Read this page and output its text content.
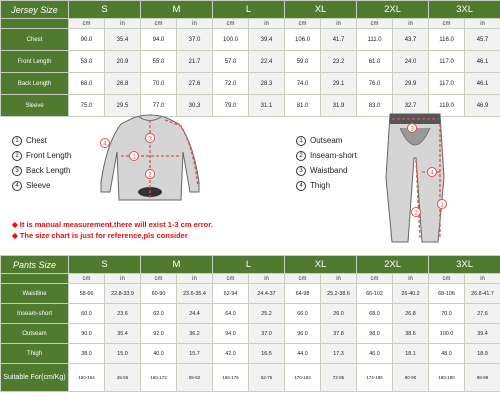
Jersey Size	S		M		L		XL		2XL		3XL	
	cm	in	cm	in	cm	in	cm	in	cm	in	cm	in
Chest	90.0	35.4	94.0	37.0	100.0	39.4	106.0	41.7	111.0	43.7	116.0	45.7
Front Length	53.0	20.9	55.0	21.7	57.0	22.4	59.0	23.2	61.0	24.0	117.0	46.1
Back Length	68.0	26.8	70.0	27.6	72.0	28.3	74.0	29.1	76.0	29.9	117.0	46.1
Sleeve	75.0	29.5	77.0	30.3	79.0	31.1	81.0	31.9	83.0	32.7	119.0	46.9
1 Chest
2 Front Length
3 Back Length
4 Sleeve
4
3
2
1
1 Outseam
2 Inseam-short
3 Waistband
4 Thigh
3
4
1
2
◆ It is manual measurement,there will exist 1-3 cm error.
◆ The size chart is just for reference,pls consider
Pants Size	S		M		L		XL		2XL		3XL	
	cm	in	cm	in	cm	in	cm	in	cm	in	cm	in
Waistline	58-66	22.8-33.9	60-90	23.6-35.4	62-94	24.4-37	64-98	25.2-38.6	66-102	26-40.2	68-106	26.8-41.7
Inseam-short	60.0	23.6	62.0	24.4	64.0	25.2	66.0	26.0	68.0	26.8	70.0	27.6
Outseam	90.0	35.4	92.0	36.2	94.0	37.0	96.0	37.8	98.0	38.6	100.0	39.4
Thigh	38.0	15.0	40.0	15.7	42.0	16.5	44.0	17.3	46.0	18.1	48.0	18.9
Suitable For(cm/Kg)	150-164	45-55	160-172	55-62	166-176	62-75	170-182	72-85	174-185	80-90	180-190	88-98
